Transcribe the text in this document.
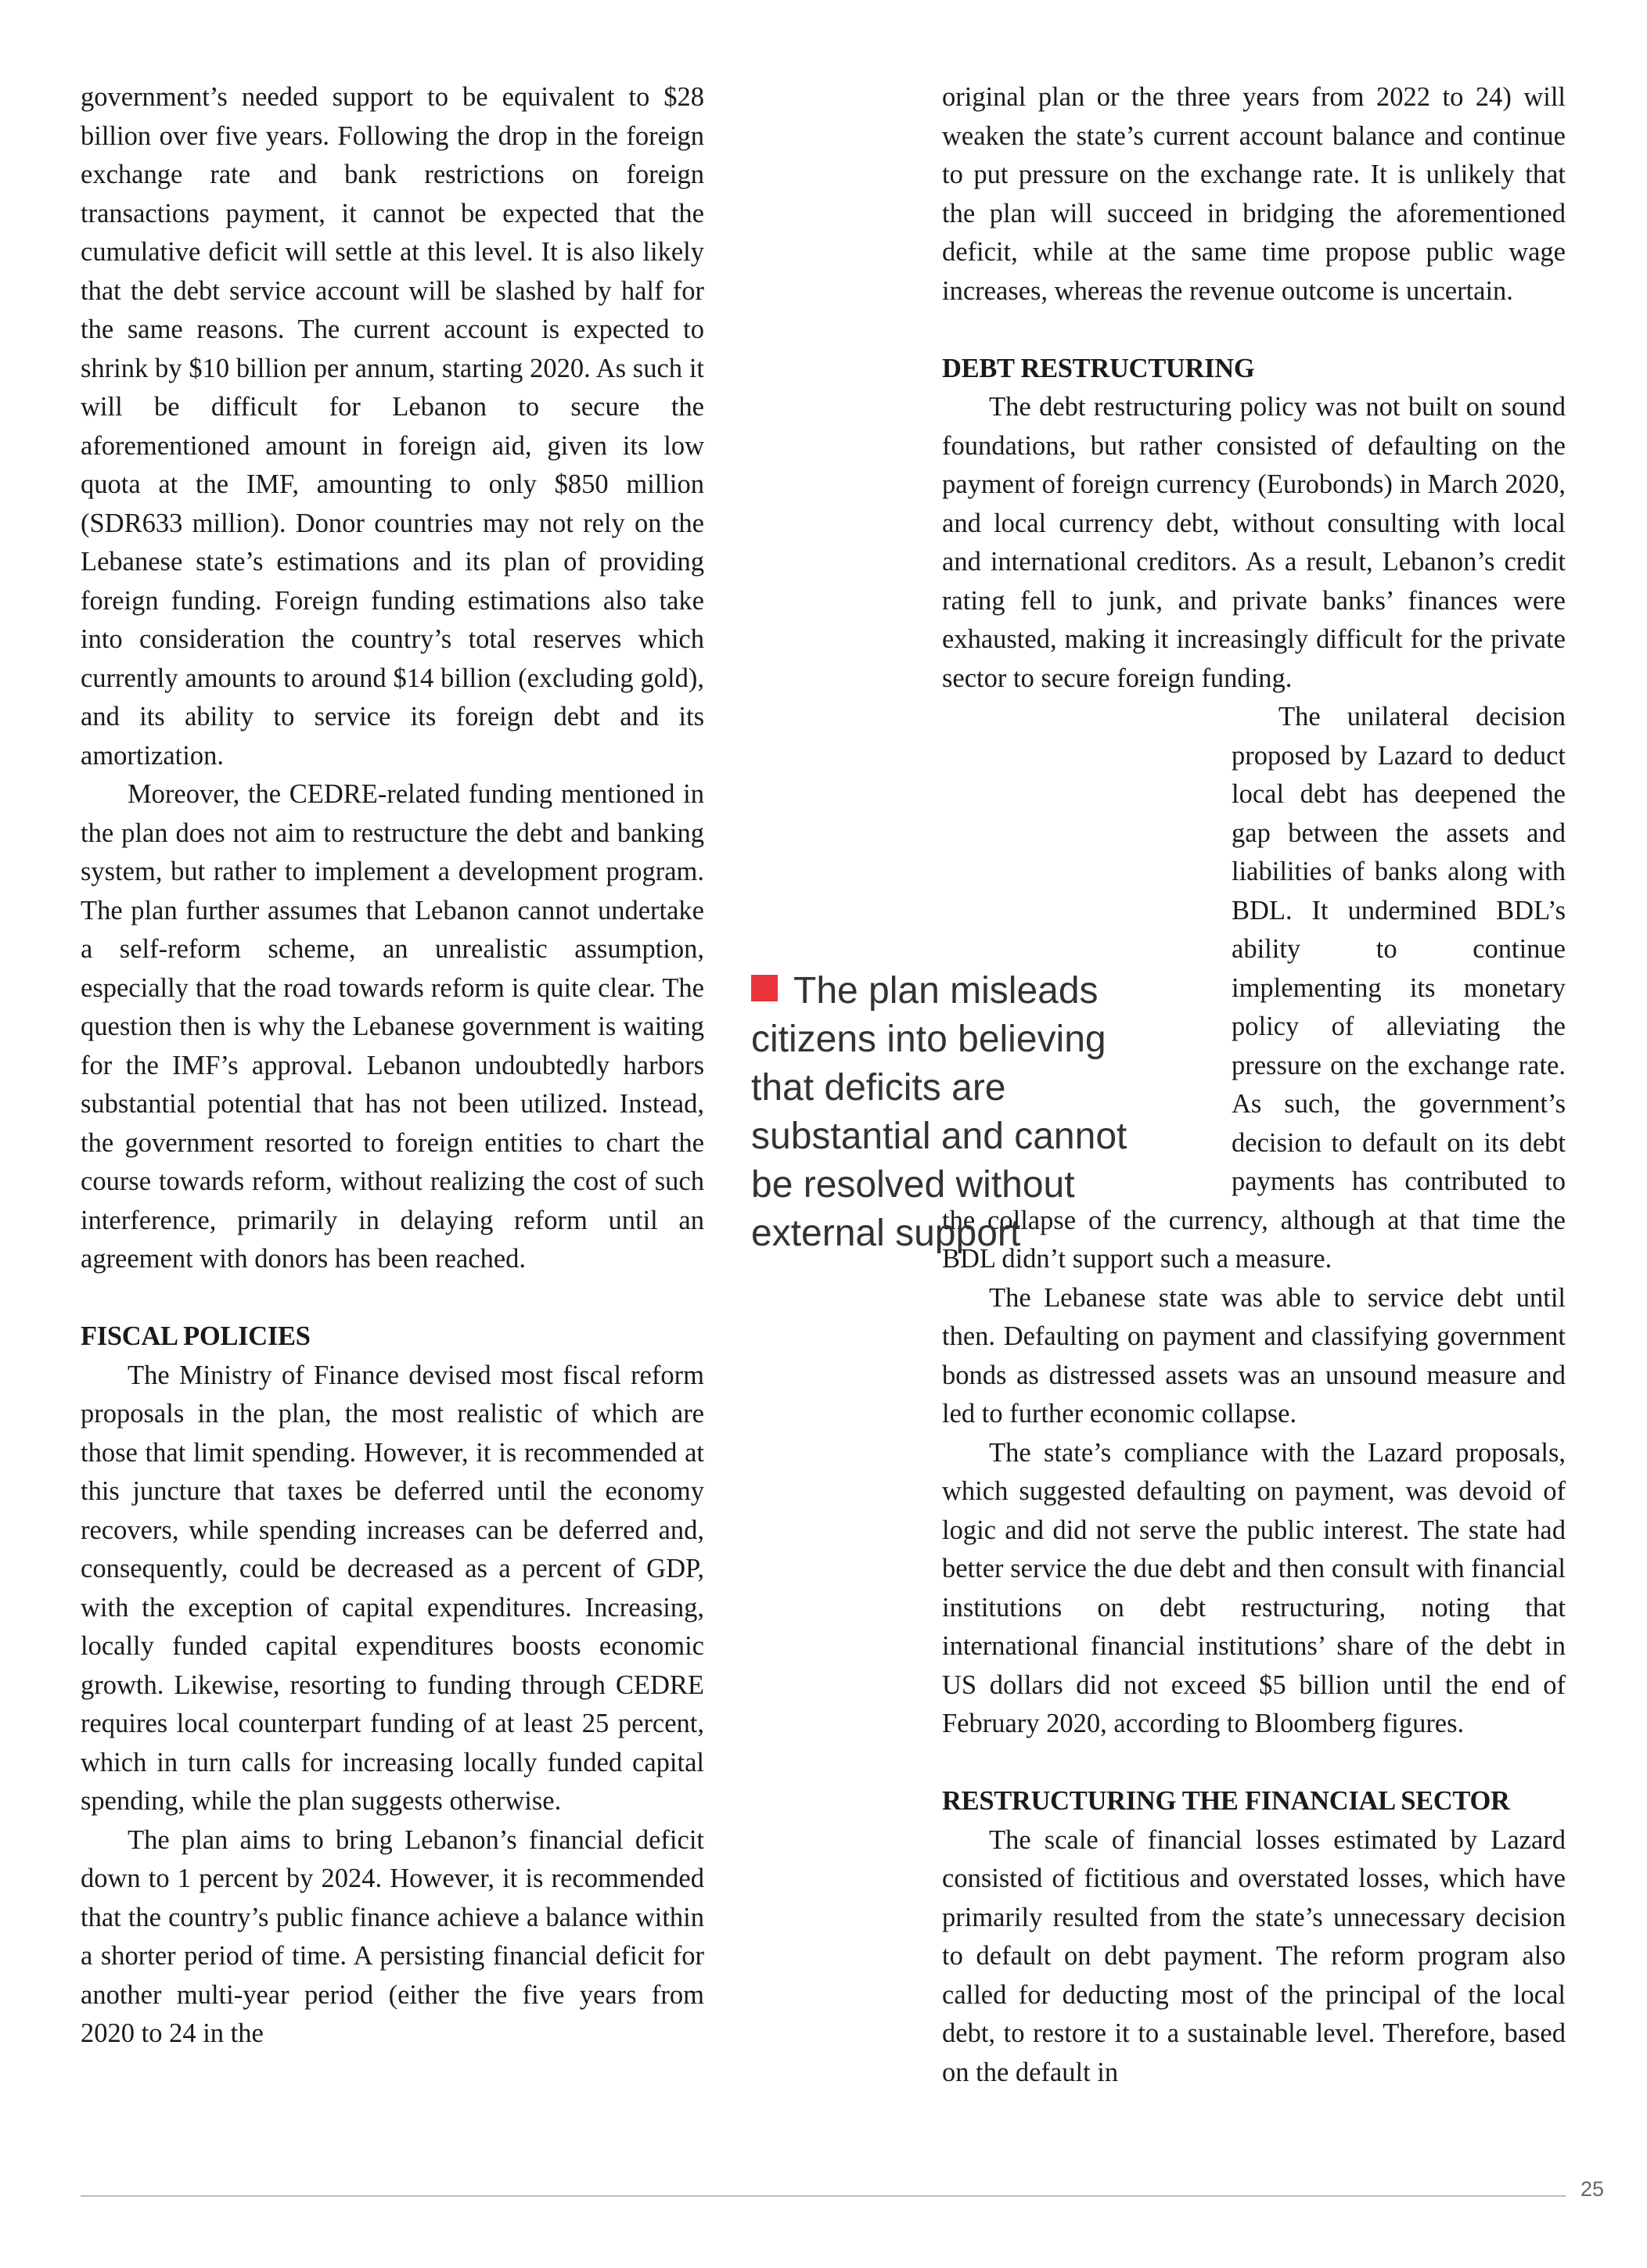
government’s needed support to be equivalent to $28 billion over five years. Following the drop in the foreign exchange rate and bank restrictions on foreign transactions payment, it cannot be expected that the cumulative deficit will settle at this level. It is also likely that the debt service account will be slashed by half for the same reasons. The current account is expected to shrink by $10 billion per annum, starting 2020. As such it will be difficult for Lebanon to secure the aforementioned amount in foreign aid, given its low quota at the IMF, amounting to only $850 million (SDR633 million). Donor countries may not rely on the Lebanese state’s estimations and its plan of providing foreign funding. Foreign funding estimations also take into consideration the country’s total reserves which currently amounts to around $14 billion (excluding gold), and its ability to service its foreign debt and its amortization.

Moreover, the CEDRE-related funding mentioned in the plan does not aim to restructure the debt and banking system, but rather to implement a development program. The plan further assumes that Lebanon cannot undertake a self-reform scheme, an unrealistic assumption, especially that the road towards reform is quite clear. The question then is why the Lebanese government is waiting for the IMF’s approval. Lebanon undoubtedly harbors substantial potential that has not been utilized. Instead, the government resorted to foreign entities to chart the course towards reform, without realizing the cost of such interference, primarily in delaying reform until an agreement with donors has been reached.

FISCAL POLICIES

The Ministry of Finance devised most fiscal reform proposals in the plan, the most realistic of which are those that limit spending. However, it is recommended at this juncture that taxes be deferred until the economy recovers, while spending increases can be deferred and, consequently, could be decreased as a percent of GDP, with the exception of capital expenditures. Increasing, locally funded capital expenditures boosts economic growth. Likewise, resorting to funding through CEDRE requires local counterpart funding of at least 25 percent, which in turn calls for increasing locally funded capital spending, while the plan suggests otherwise.

The plan aims to bring Lebanon’s financial deficit down to 1 percent by 2024. However, it is recommended that the country’s public finance achieve a balance within a shorter period of time. A persisting financial deficit for another multi-year period (either the five years from 2020 to 24 in the

original plan or the three years from 2022 to 24) will weaken the state’s current account balance and continue to put pressure on the exchange rate. It is unlikely that the plan will succeed in bridging the aforementioned deficit, while at the same time propose public wage increases, whereas the revenue outcome is uncertain.

DEBT RESTRUCTURING

The debt restructuring policy was not built on sound foundations, but rather consisted of defaulting on the payment of foreign currency (Eurobonds) in March 2020, and local currency debt, without consulting with local and international creditors. As a result, Lebanon’s credit rating fell to junk, and private banks’ finances were exhausted, making it increasingly difficult for the private sector to secure foreign funding.

The unilateral decision proposed by Lazard to deduct local debt has deepened the gap between the assets and liabilities of banks along with BDL. It undermined BDL’s ability to continue implementing its monetary policy of alleviating the pressure on the exchange rate. As such, the government’s decision to default on its debt payments has contributed to the collapse of the currency, although at that time the BDL didn’t support such a measure.

The Lebanese state was able to service debt until then. Defaulting on payment and classifying government bonds as distressed assets was an unsound measure and led to further economic collapse.

The state’s compliance with the Lazard proposals, which suggested defaulting on payment, was devoid of logic and did not serve the public interest. The state had better service the due debt and then consult with financial institutions on debt restructuring, noting that international financial institutions’ share of the debt in US dollars did not exceed $5 billion until the end of February 2020, according to Bloomberg figures.

RESTRUCTURING THE FINANCIAL SECTOR

The scale of financial losses estimated by Lazard consisted of fictitious and overstated losses, which have primarily resulted from the state’s unnecessary decision to default on debt payment. The reform program also called for deducting most of the principal of the local debt, to restore it to a sustainable level. Therefore, based on the default in

The plan misleads citizens into believing that deficits are substantial and cannot be resolved without external support
25
